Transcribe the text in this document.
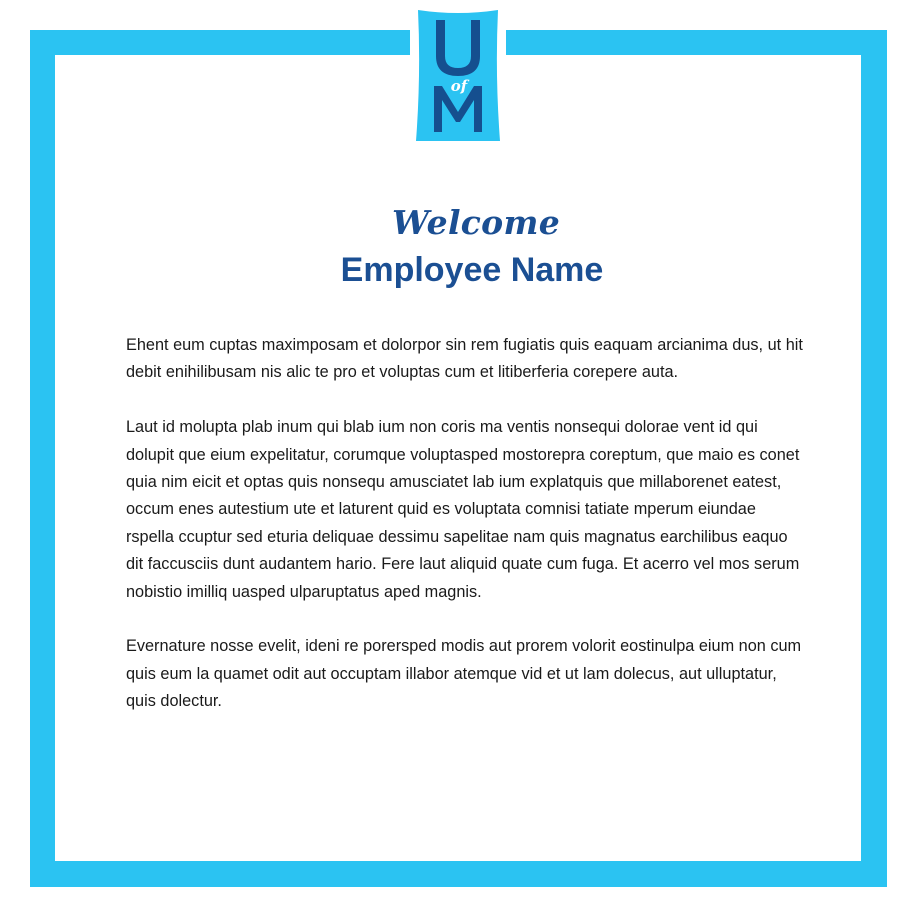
of
Welcome
Employee Name

Ehent eum cuptas maximposam et dolorpor sin rem fugiatis quis eaquam arcianima dus, ut hit debit enihilibusam nis alic te pro et voluptas cum et litiberferia corepere auta.

Laut id molupta plab inum qui blab ium non coris ma ventis nonsequi dolorae vent id qui dolupit que eium expelitatur, corumque voluptasped mostorepra coreptum, que maio es conet quia nim eicit et optas quis nonsequ amusciatet lab ium explatquis que millaborenet eatest, occum enes autestium ute et laturent quid es voluptata comnisi tatiate mperum eiundae rspella ccuptur sed eturia deliquae dessimu sapelitae nam quis magnatus earchilibus eaquo dit faccusciis dunt audantem hario. Fere laut aliquid quate cum fuga. Et acerro vel mos serum nobistio imilliq uasped ulparuptatus aped magnis.

Evernature nosse evelit, ideni re porersped modis aut prorem volorit eostinulpa eium non cum quis eum la quamet odit aut occuptam illabor atemque vid et ut lam dolecus, aut ulluptatur, quis dolectur.
